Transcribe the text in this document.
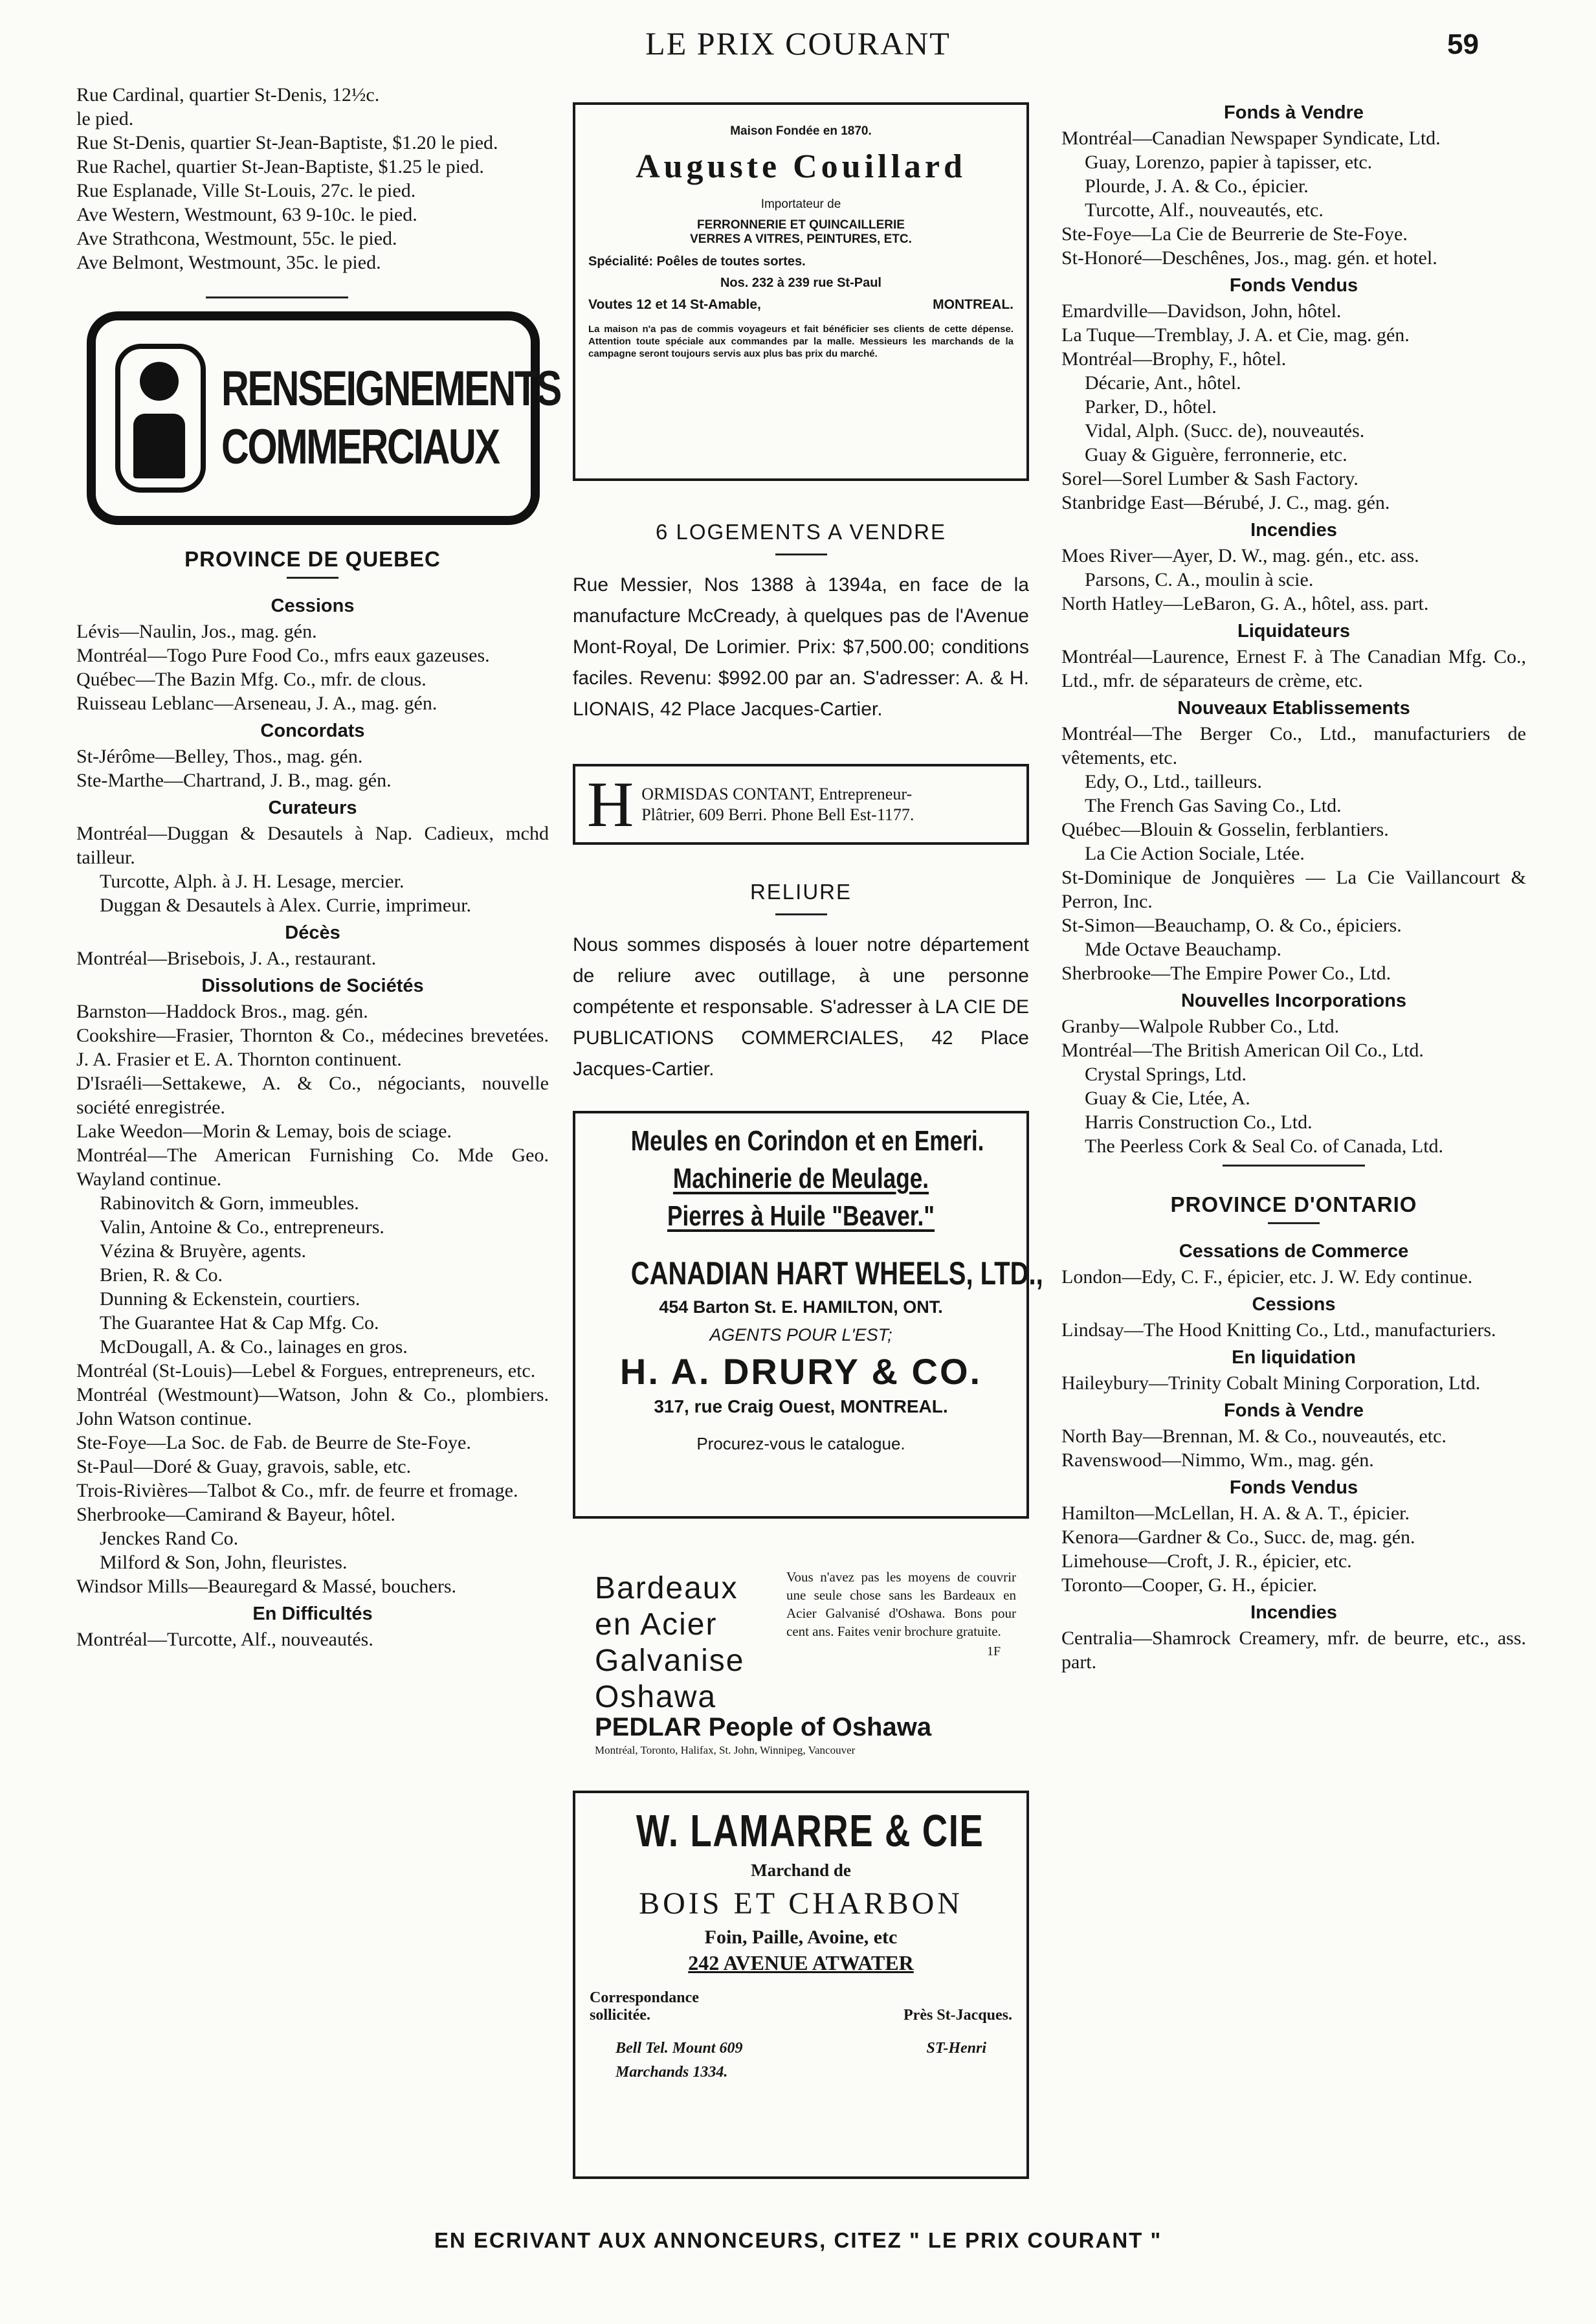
LE PRIX COURANT	59

Rue Cardinal, quartier St-Denis, 12½c.

le pied.

Rue St-Denis, quartier St-Jean-Baptiste, $1.20 le pied.

Rue Rachel, quartier St-Jean-Baptiste, $1.25 le pied.

Rue Esplanade, Ville St-Louis, 27c. le pied.

Ave Western, Westmount, 63 9-10c. le pied.

Ave Strathcona, Westmount, 55c. le pied.

Ave Belmont, Westmount, 35c. le pied.

RENSEIGNEMENTS
COMMERCIAUX
PROVINCE DE QUEBEC
Cessions

Lévis—Naulin, Jos., mag. gén.

Montréal—Togo Pure Food Co., mfrs eaux gazeuses.

Québec—The Bazin Mfg. Co., mfr. de clous.

Ruisseau Leblanc—Arseneau, J. A., mag. gén.

Concordats

St-Jérôme—Belley, Thos., mag. gén.

Ste-Marthe—Chartrand, J. B., mag. gén.

Curateurs

Montréal—Duggan & Desautels à Nap. Cadieux, mchd tailleur.

Turcotte, Alph. à J. H. Lesage, mercier.

Duggan & Desautels à Alex. Currie, imprimeur.

Décès

Montréal—Brisebois, J. A., restaurant.

Dissolutions de Sociétés

Barnston—Haddock Bros., mag. gén.

Cookshire—Frasier, Thornton & Co., médecines brevetées. J. A. Frasier et E. A. Thornton continuent.

D'Israéli—Settakewe, A. & Co., négociants, nouvelle société enregistrée.

Lake Weedon—Morin & Lemay, bois de sciage.

Montréal—The American Furnishing Co. Mde Geo. Wayland continue.

Rabinovitch & Gorn, immeubles.

Valin, Antoine & Co., entrepreneurs.

Vézina & Bruyère, agents.

Brien, R. & Co.

Dunning & Eckenstein, courtiers.

The Guarantee Hat & Cap Mfg. Co.

McDougall, A. & Co., lainages en gros.

Montréal (St-Louis)—Lebel & Forgues, entrepreneurs, etc.

Montréal (Westmount)—Watson, John & Co., plombiers. John Watson continue.

Ste-Foye—La Soc. de Fab. de Beurre de Ste-Foye.

St-Paul—Doré & Guay, gravois, sable, etc.

Trois-Rivières—Talbot & Co., mfr. de feurre et fromage.

Sherbrooke—Camirand & Bayeur, hôtel.

Jenckes Rand Co.

Milford & Son, John, fleuristes.

Windsor Mills—Beauregard & Massé, bouchers.

En Difficultés

Montréal—Turcotte, Alf., nouveautés.

Maison Fondée en 1870.
Auguste Couillard
Importateur de
FERRONNERIE ET QUINCAILLERIE
VERRES A VITRES, PEINTURES, ETC.
Spécialité: Poêles de toutes sortes.
Nos. 232 à 239 rue St-Paul
Voutes 12 et 14 St-Amable,	MONTREAL.
La maison n'a pas de commis voyageurs et fait bénéficier ses clients de cette dépense. Attention toute spéciale aux commandes par la malle. Messieurs les marchands de la campagne seront toujours servis aux plus bas prix du marché.

6 LOGEMENTS A VENDRE

Rue Messier, Nos 1388 à 1394a, en face de la manufacture McCready, à quelques pas de l'Avenue Mont-Royal, De Lorimier. Prix: $7,500.00; conditions faciles. Revenu: $992.00 par an. S'adresser: A. & H. LIONAIS, 42 Place Jacques-Cartier.

H ORMISDAS CONTANT, Entrepreneur-
Plâtrier, 609 Berri. Phone Bell Est-1177.

RELIURE

Nous sommes disposés à louer notre département de reliure avec outillage, à une personne compétente et responsable. S'adresser à LA CIE DE PUBLICATIONS COMMERCIALES, 42 Place Jacques-Cartier.

Meules en Corindon et en Emeri.
Machinerie de Meulage.
Pierres à Huile "Beaver."
CANADIAN HART WHEELS, LTD.,
454 Barton St. E. HAMILTON, ONT.
AGENTS POUR L'EST;
H. A. DRURY & CO.
317, rue Craig Ouest, MONTREAL.
Procurez-vous le catalogue.
Bardeaux
en Acier
Galvanise
Oshawa
Vous n'avez pas les moyens de couvrir une seule chose sans les Bardeaux en Acier Galvanisé d'Oshawa. Bons pour cent ans. Faites venir brochure gratuite.
1F
PEDLAR People of Oshawa
Montréal, Toronto, Halifax, St. John, Winnipeg, Vancouver
W. LAMARRE & CIE
Marchand de
BOIS ET CHARBON
Foin, Paille, Avoine, etc
242 AVENUE ATWATER
Correspondance
sollicitée.	Près St-Jacques.
Bell Tel. Mount 609	ST-Henri
Marchands 1334.
Fonds à Vendre

Montréal—Canadian Newspaper Syndicate, Ltd.

Guay, Lorenzo, papier à tapisser, etc.

Plourde, J. A. & Co., épicier.

Turcotte, Alf., nouveautés, etc.

Ste-Foye—La Cie de Beurrerie de Ste-Foye.

St-Honoré—Deschênes, Jos., mag. gén. et hotel.

Fonds Vendus

Emardville—Davidson, John, hôtel.

La Tuque—Tremblay, J. A. et Cie, mag. gén.

Montréal—Brophy, F., hôtel.

Décarie, Ant., hôtel.

Parker, D., hôtel.

Vidal, Alph. (Succ. de), nouveautés.

Guay & Giguère, ferronnerie, etc.

Sorel—Sorel Lumber & Sash Factory.

Stanbridge East—Bérubé, J. C., mag. gén.

Incendies

Moes River—Ayer, D. W., mag. gén., etc. ass.

Parsons, C. A., moulin à scie.

North Hatley—LeBaron, G. A., hôtel, ass. part.

Liquidateurs

Montréal—Laurence, Ernest F. à The Canadian Mfg. Co., Ltd., mfr. de séparateurs de crème, etc.

Nouveaux Etablissements

Montréal—The Berger Co., Ltd., manufacturiers de vêtements, etc.

Edy, O., Ltd., tailleurs.

The French Gas Saving Co., Ltd.

Québec—Blouin & Gosselin, ferblantiers.

La Cie Action Sociale, Ltée.

St-Dominique de Jonquières — La Cie Vaillancourt & Perron, Inc.

St-Simon—Beauchamp, O. & Co., épiciers.

Mde Octave Beauchamp.

Sherbrooke—The Empire Power Co., Ltd.

Nouvelles Incorporations

Granby—Walpole Rubber Co., Ltd.

Montréal—The British American Oil Co., Ltd.

Crystal Springs, Ltd.

Guay & Cie, Ltée, A.

Harris Construction Co., Ltd.

The Peerless Cork & Seal Co. of Canada, Ltd.

PROVINCE D'ONTARIO
Cessations de Commerce

London—Edy, C. F., épicier, etc. J. W. Edy continue.

Cessions

Lindsay—The Hood Knitting Co., Ltd., manufacturiers.

En liquidation

Haileybury—Trinity Cobalt Mining Corporation, Ltd.

Fonds à Vendre

North Bay—Brennan, M. & Co., nouveautés, etc.

Ravenswood—Nimmo, Wm., mag. gén.

Fonds Vendus

Hamilton—McLellan, H. A. & A. T., épicier.

Kenora—Gardner & Co., Succ. de, mag. gén.

Limehouse—Croft, J. R., épicier, etc.

Toronto—Cooper, G. H., épicier.

Incendies

Centralia—Shamrock Creamery, mfr. de beurre, etc., ass. part.

EN ECRIVANT AUX ANNONCEURS, CITEZ " LE PRIX COURANT "
